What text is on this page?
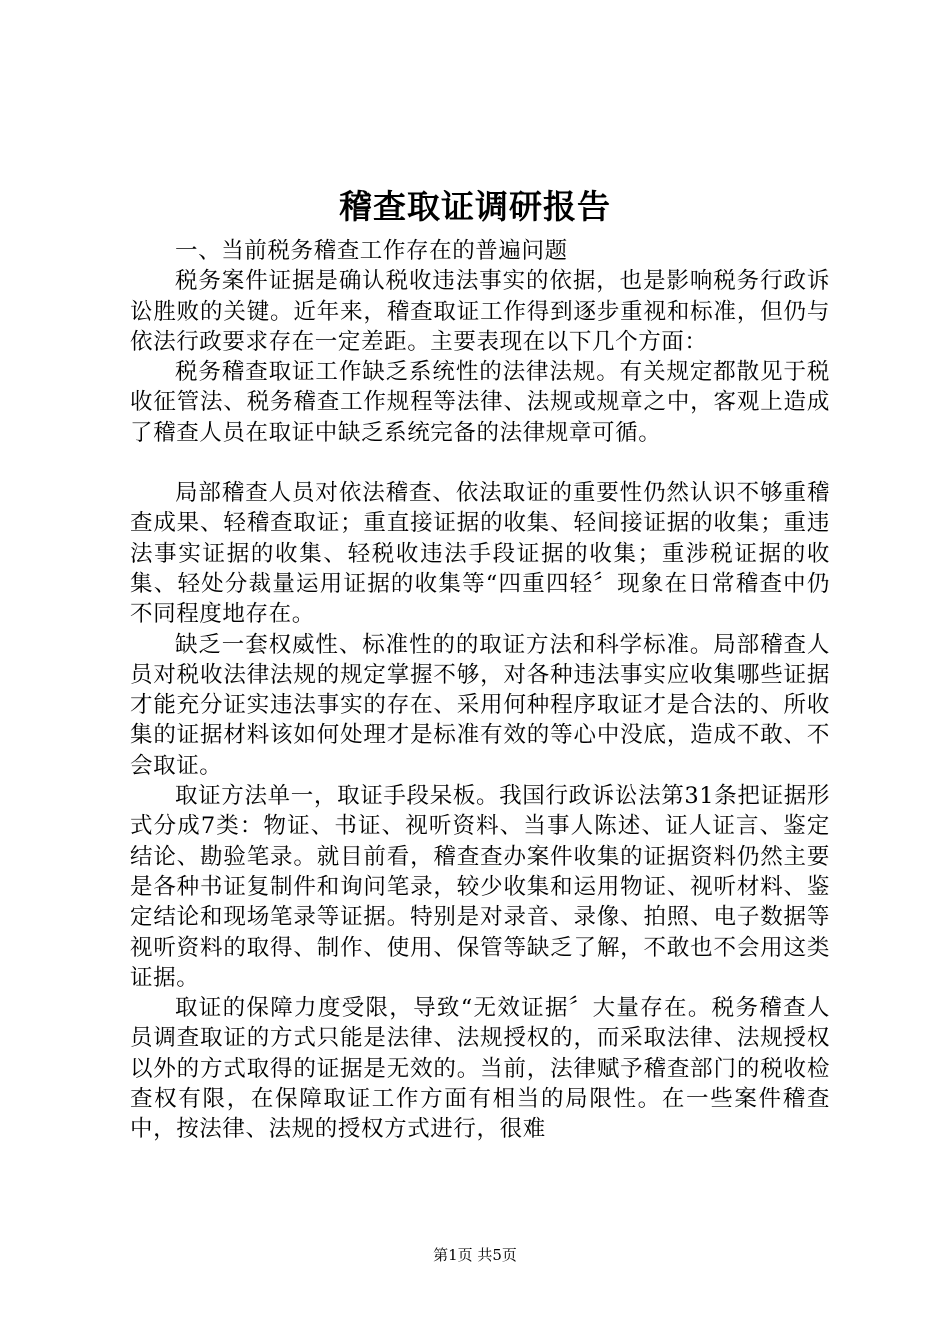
稽查取证调研报告

一、当前税务稽查工作存在的普遍问题

税务案件证据是确认税收违法事实的依据，也是影响税务行政诉讼胜败的关键。近年来，稽查取证工作得到逐步重视和标准，但仍与依法行政要求存在一定差距。主要表现在以下几个方面：

税务稽查取证工作缺乏系统性的法律法规。有关规定都散见于税收征管法、税务稽查工作规程等法律、法规或规章之中，客观上造成了稽查人员在取证中缺乏系统完备的法律规章可循。

局部稽查人员对依法稽查、依法取证的重要性仍然认识不够重稽查成果、轻稽查取证；重直接证据的收集、轻间接证据的收集；重违法事实证据的收集、轻税收违法手段证据的收集；重涉税证据的收集、轻处分裁量运用证据的收集等“四重四轻〞现象在日常稽查中仍不同程度地存在。

缺乏一套权威性、标准性的的取证方法和科学标准。局部稽查人员对税收法律法规的规定掌握不够，对各种违法事实应收集哪些证据才能充分证实违法事实的存在、采用何种程序取证才是合法的、所收集的证据材料该如何处理才是标准有效的等心中没底，造成不敢、不会取证。

取证方法单一，取证手段呆板。我国行政诉讼法第31条把证据形式分成7类：物证、书证、视听资料、当事人陈述、证人证言、鉴定结论、勘验笔录。就目前看，稽查查办案件收集的证据资料仍然主要是各种书证复制件和询问笔录，较少收集和运用物证、视听材料、鉴定结论和现场笔录等证据。特别是对录音、录像、拍照、电子数据等视听资料的取得、制作、使用、保管等缺乏了解，不敢也不会用这类证据。

取证的保障力度受限，导致“无效证据〞大量存在。税务稽查人员调查取证的方式只能是法律、法规授权的，而采取法律、法规授权以外的方式取得的证据是无效的。当前，法律赋予稽查部门的税收检查权有限，在保障取证工作方面有相当的局限性。在一些案件稽查中，按法律、法规的授权方式进行，很难

第1页 共5页
